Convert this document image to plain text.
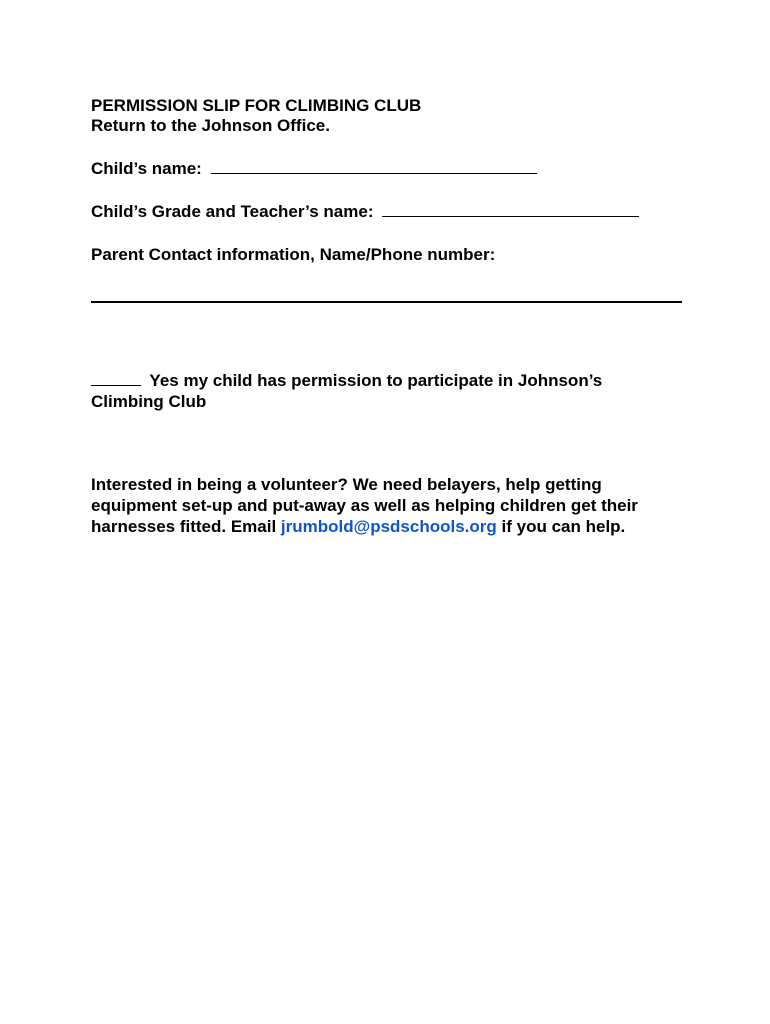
PERMISSION SLIP FOR CLIMBING CLUB
Return to the Johnson Office.
Child’s name:
Child’s Grade and Teacher’s name:
Parent Contact information, Name/Phone number:
Yes my child has permission to participate in Johnson’s
Climbing Club
Interested in being a volunteer? We need belayers, help getting
equipment set-up and put-away as well as helping children get their
harnesses fitted. Email jrumbold@psdschools.org if you can help.
